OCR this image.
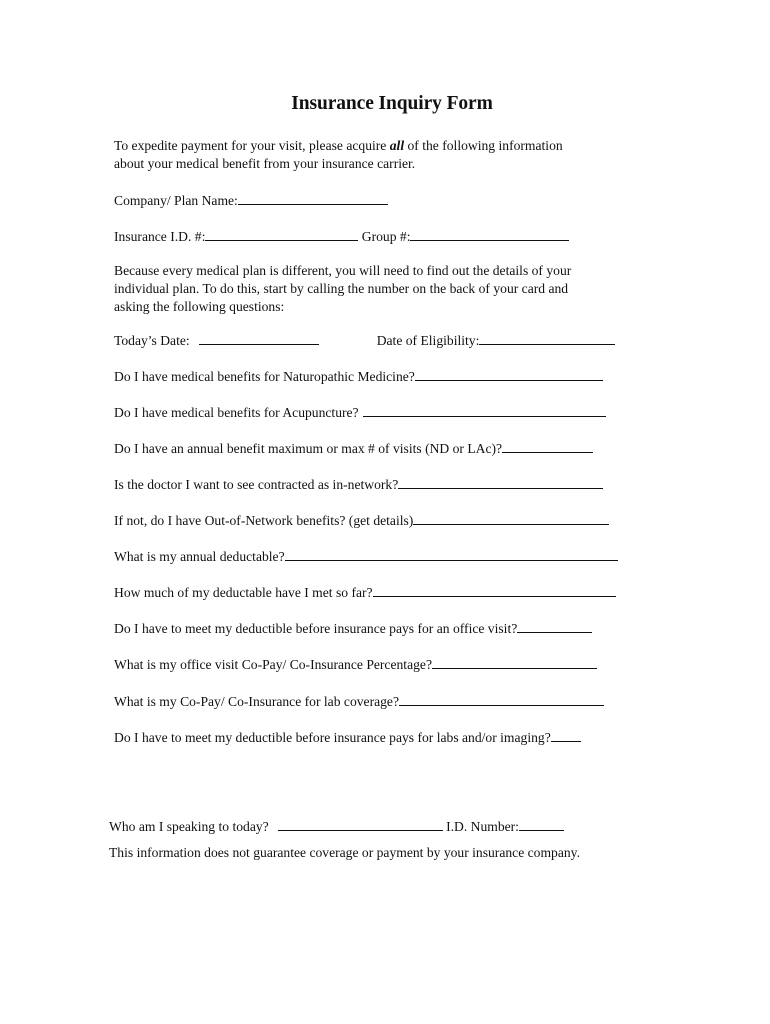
Insurance Inquiry Form

To expedite payment for your visit, please acquire all of the following information

about your medical benefit from your insurance carrier.

Company/ Plan Name:
Insurance I.D. #:	Group #:

Because every medical plan is different, you will need to find out the details of your

individual plan. To do this, start by calling the number on the back of your card and

asking the following questions:

Today’s Date:	Date of Eligibility:
Do I have medical benefits for Naturopathic Medicine?
Do I have medical benefits for Acupuncture?
Do I have an annual benefit maximum or max # of visits (ND or LAc)?
Is the doctor I want to see contracted as in-network?
If not, do I have Out-of-Network benefits? (get details)
What is my annual deductable?
How much of my deductable have I met so far?
Do I have to meet my deductible before insurance pays for an office visit?
What is my office visit Co-Pay/ Co-Insurance Percentage?
What is my Co-Pay/ Co-Insurance for lab coverage?
Do I have to meet my deductible before insurance pays for labs and/or imaging?
Who am I speaking to today?	I.D. Number:
This information does not guarantee coverage or payment by your insurance company.
